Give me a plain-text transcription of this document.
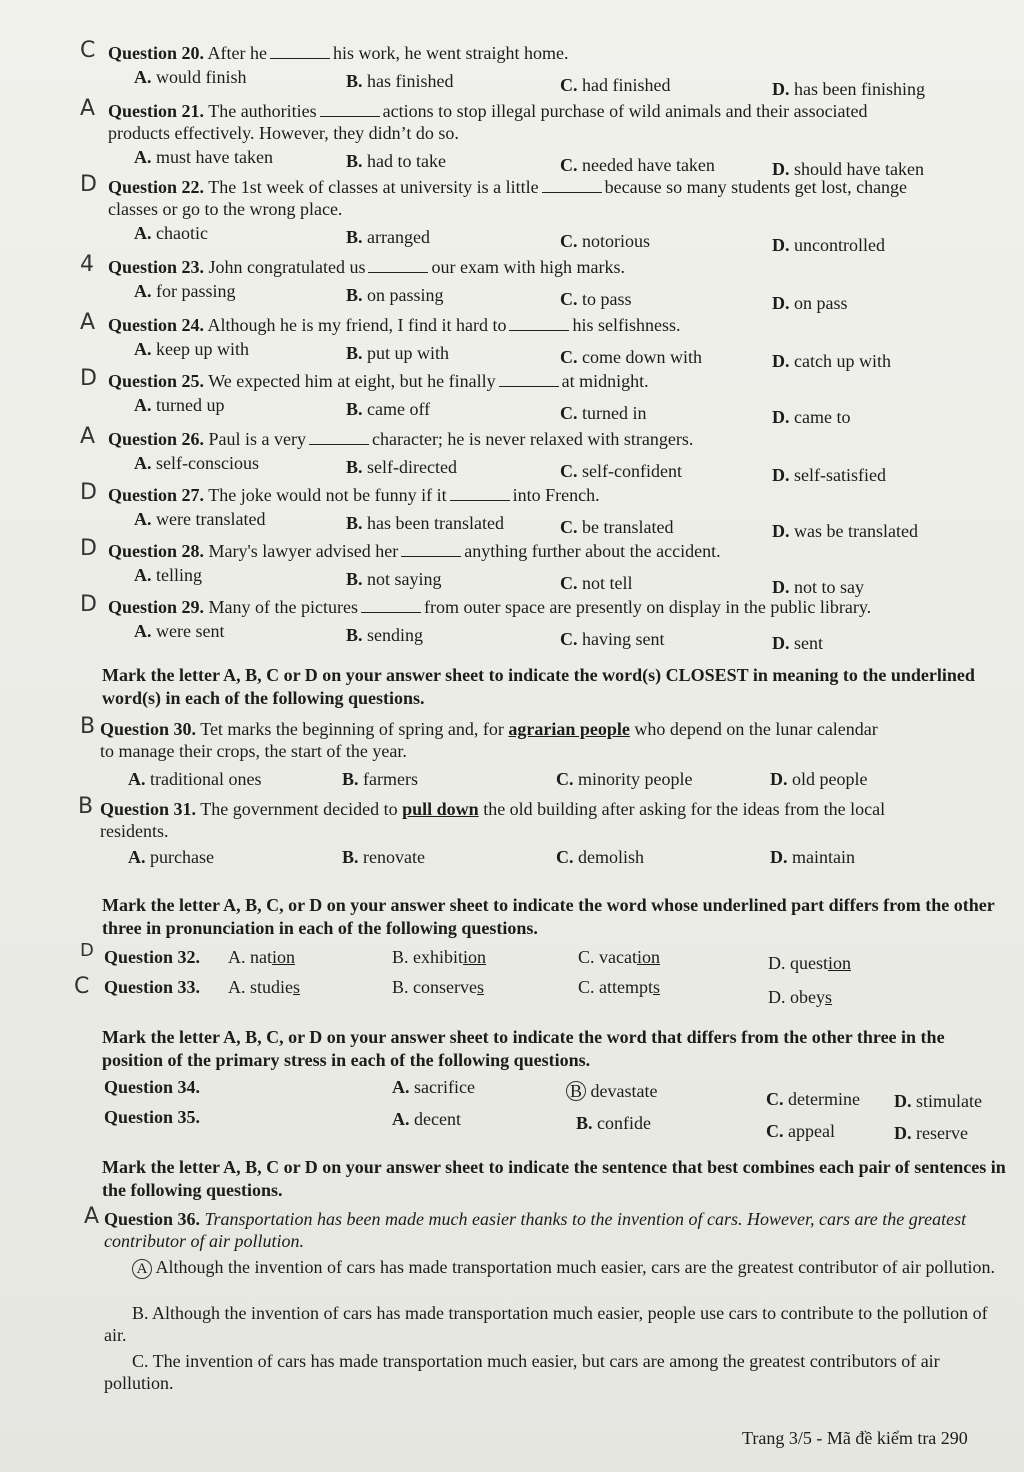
C Question 20. After he	his work, he went straight home.
A. would finish	B. has finished	C. had finished	D. has been finishing
A Question 21. The authorities	actions to stop illegal purchase of wild animals and their associated
products effectively. However, they didn’t do so.
A. must have taken	B. had to take	C. needed have taken	D. should have taken
D Question 22. The 1st week of classes at university is a little	because so many students get lost, change
classes or go to the wrong place.
A. chaotic	B. arranged	C. notorious	D. uncontrolled
4 Question 23. John congratulated us	our exam with high marks.
A. for passing	B. on passing	C. to pass	D. on pass
A Question 24. Although he is my friend, I find it hard to	his selfishness.
A. keep up with	B. put up with	C. come down with	D. catch up with
D Question 25. We expected him at eight, but he finally	at midnight.
A. turned up	B. came off	C. turned in	D. came to
A Question 26. Paul is a very	character; he is never relaxed with strangers.
A. self-conscious	B. self-directed	C. self-confident	D. self-satisfied
D Question 27. The joke would not be funny if it	into French.
A. were translated	B. has been translated	C. be translated	D. was be translated
D Question 28. Mary's lawyer advised her	anything further about the accident.
A. telling	B. not saying	C. not tell	D. not to say
D Question 29. Many of the pictures	from outer space are presently on display in the public library.
A. were sent	B. sending	C. having sent	D. sent
Mark the letter A, B, C or D on your answer sheet to indicate the word(s) CLOSEST in meaning to the underlined word(s) in each of the following questions.
B Question 30. Tet marks the beginning of spring and, for agrarian people who depend on the lunar calendar
to manage their crops, the start of the year.
A. traditional ones	B. farmers	C. minority people	D. old people
B Question 31. The government decided to pull down the old building after asking for the ideas from the local
residents.
A. purchase	B. renovate	C. demolish	D. maintain
Mark the letter A, B, C, or D on your answer sheet to indicate the word whose underlined part differs from the other three in pronunciation in each of the following questions.
D Question 32.	A. nation	B. exhibition	C. vacation	D. question
C Question 33.	A. studies	B. conserves	C. attempts	D. obeys
Mark the letter A, B, C, or D on your answer sheet to indicate the word that differs from the other three in the position of the primary stress in each of the following questions.
Question 34.	A. sacrifice	B devastate	C. determine D. stimulate
Question 35.	A. decent	B. confide	C. appeal	D. reserve
Mark the letter A, B, C or D on your answer sheet to indicate the sentence that best combines each pair of sentences in the following questions.
A Question 36. Transportation has been made much easier thanks to the invention of cars. However, cars are the greatest contributor of air pollution.
A Although the invention of cars has made transportation much easier, cars are the greatest contributor of air pollution.
B. Although the invention of cars has made transportation much easier, people use cars to contribute to the pollution of air.
C. The invention of cars has made transportation much easier, but cars are among the greatest contributors of air pollution.
Trang 3/5 - Mã đề kiểm tra 290
